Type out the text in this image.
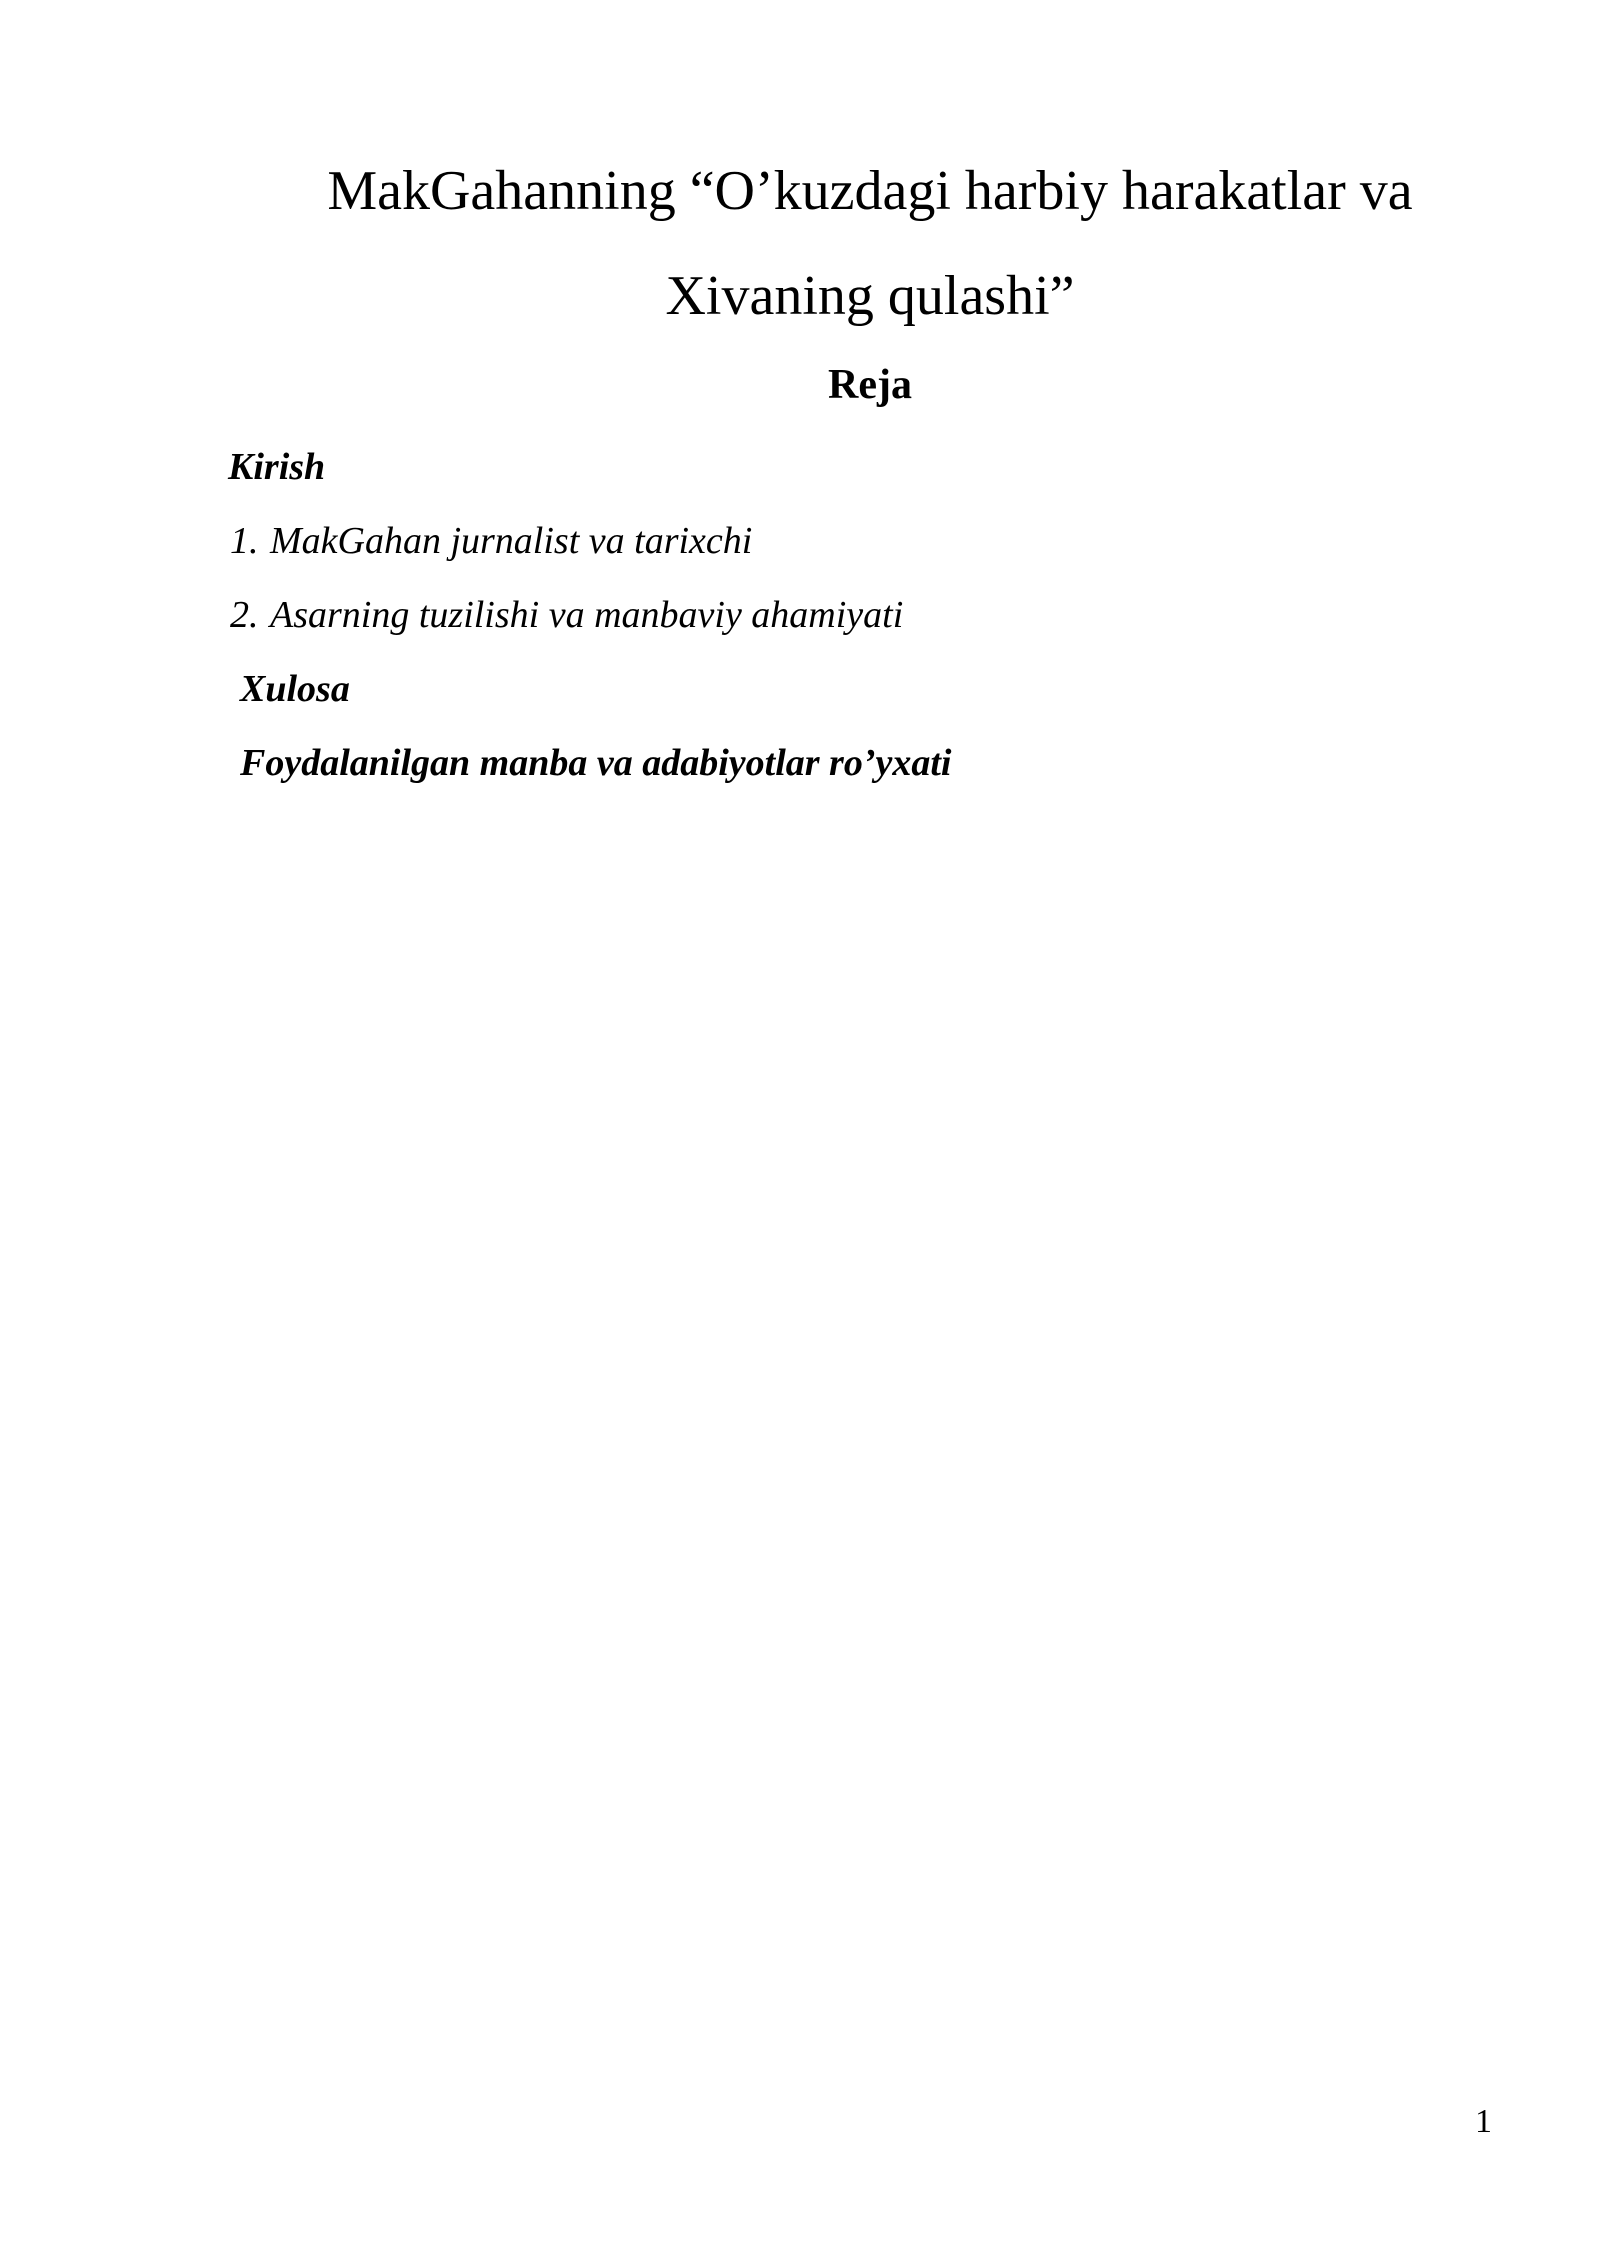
MakGahanning “O’kuzdagi harbiy harakatlar va
Xivaning qulashi”
Reja

Kirish

1. MakGahan jurnalist va tarixchi

2. Asarning tuzilishi va manbaviy ahamiyati

Xulosa

Foydalanilgan manba va adabiyotlar ro’yxati

1
